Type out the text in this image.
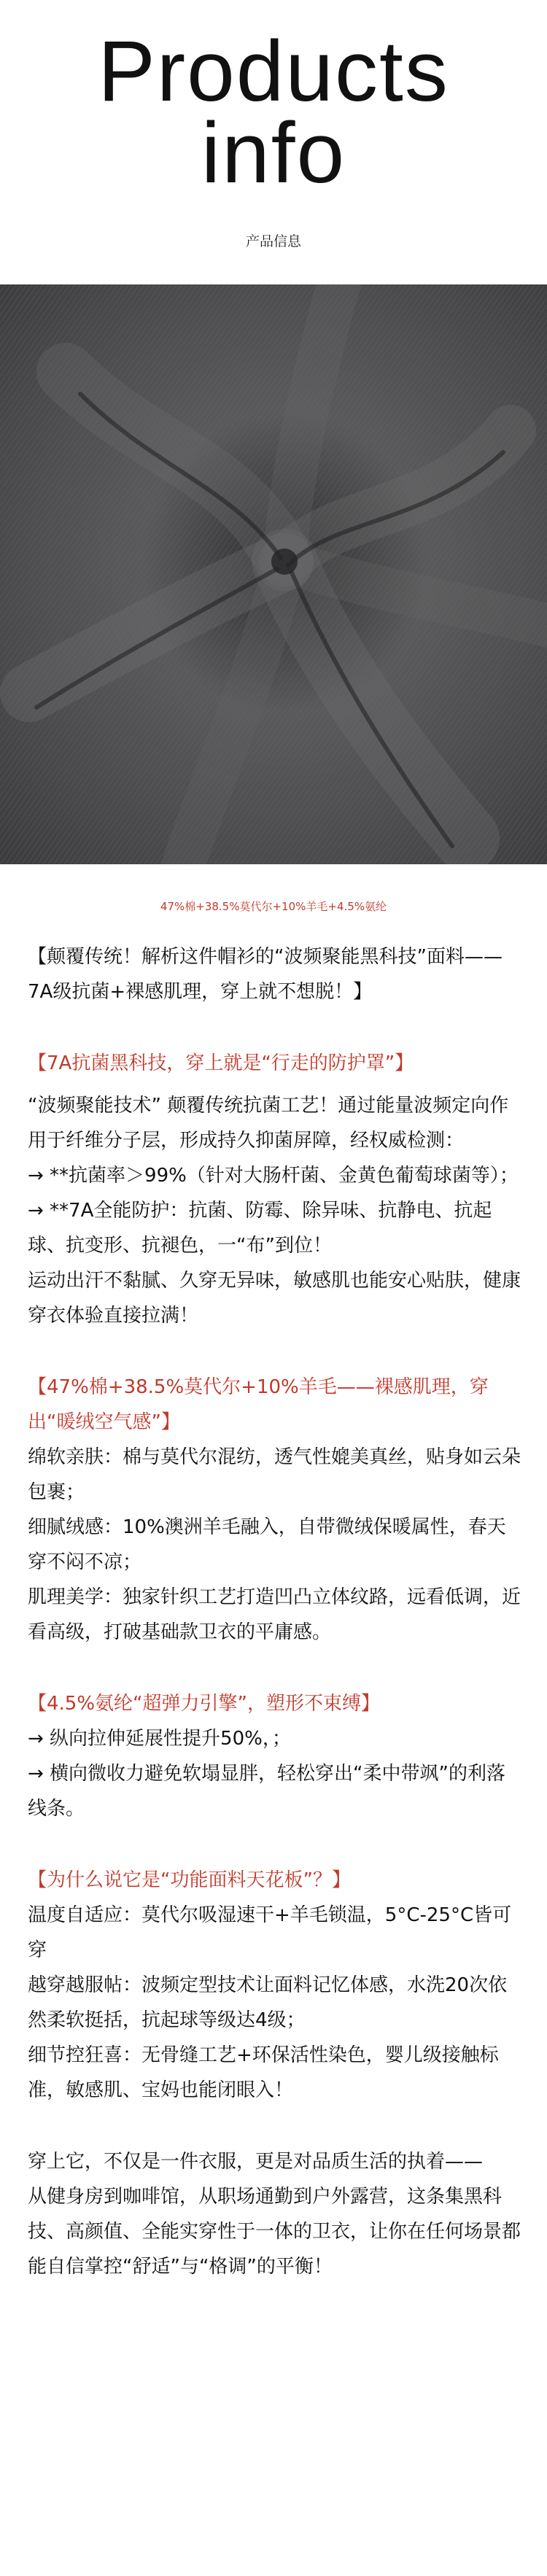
Products
info
产品信息
47%棉+38.5%莫代尔+10%羊毛+4.5%氨纶

【颠覆传统！解析这件帽衫的“波频聚能黑科技”面料——7A级抗菌+裸感肌理，穿上就不想脱！】

【7A抗菌黑科技，穿上就是“行走的防护罩”】

“波频聚能技术” 颠覆传统抗菌工艺！通过能量波频定向作用于纤维分子层，形成持久抑菌屏障，经权威检测：

→ **抗菌率＞99%（针对大肠杆菌、金黄色葡萄球菌等）；

→ **7A全能防护：抗菌、防霉、除异味、抗静电、抗起球、抗变形、抗褪色，一“布”到位！

运动出汗不黏腻、久穿无异味，敏感肌也能安心贴肤，健康穿衣体验直接拉满！

【47%棉+38.5%莫代尔+10%羊毛——裸感肌理，穿出“暖绒空气感”】

绵软亲肤：棉与莫代尔混纺，透气性媲美真丝，贴身如云朵包裹；

细腻绒感：10%澳洲羊毛融入，自带微绒保暖属性，春天穿不闷不凉；

肌理美学：独家针织工艺打造凹凸立体纹路，远看低调，近看高级，打破基础款卫衣的平庸感。

【4.5%氨纶“超弹力引擎”，塑形不束缚】

→ 纵向拉伸延展性提升50%，；

→ 横向微收力避免软塌显胖，轻松穿出“柔中带飒”的利落线条。

【为什么说它是“功能面料天花板”？】

温度自适应：莫代尔吸湿速干+羊毛锁温，5°C-25°C皆可穿

越穿越服帖：波频定型技术让面料记忆体感，水洗20次依然柔软挺括，抗起球等级达4级；

细节控狂喜：无骨缝工艺+环保活性染色，婴儿级接触标准，敏感肌、宝妈也能闭眼入！

穿上它，不仅是一件衣服，更是对品质生活的执着——

从健身房到咖啡馆，从职场通勤到户外露营，这条集黑科技、高颜值、全能实穿性于一体的卫衣，让你在任何场景都能自信掌控“舒适”与“格调”的平衡！
